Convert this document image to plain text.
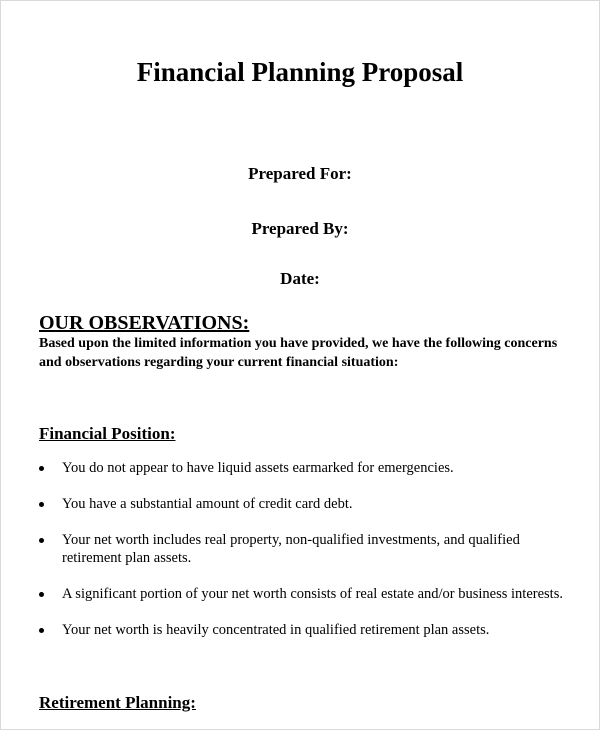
Financial Planning Proposal
Prepared For:
Prepared By:
Date:
OUR OBSERVATIONS:
Based upon the limited information you have provided, we have the following concerns and observations regarding your current financial situation:
Financial Position:
You do not appear to have liquid assets earmarked for emergencies.
You have a substantial amount of credit card debt.
Your net worth includes real property, non-qualified investments, and qualified retirement plan assets.
A significant portion of your net worth consists of real estate and/or business interests.
Your net worth is heavily concentrated in qualified retirement plan assets.
Retirement Planning:
